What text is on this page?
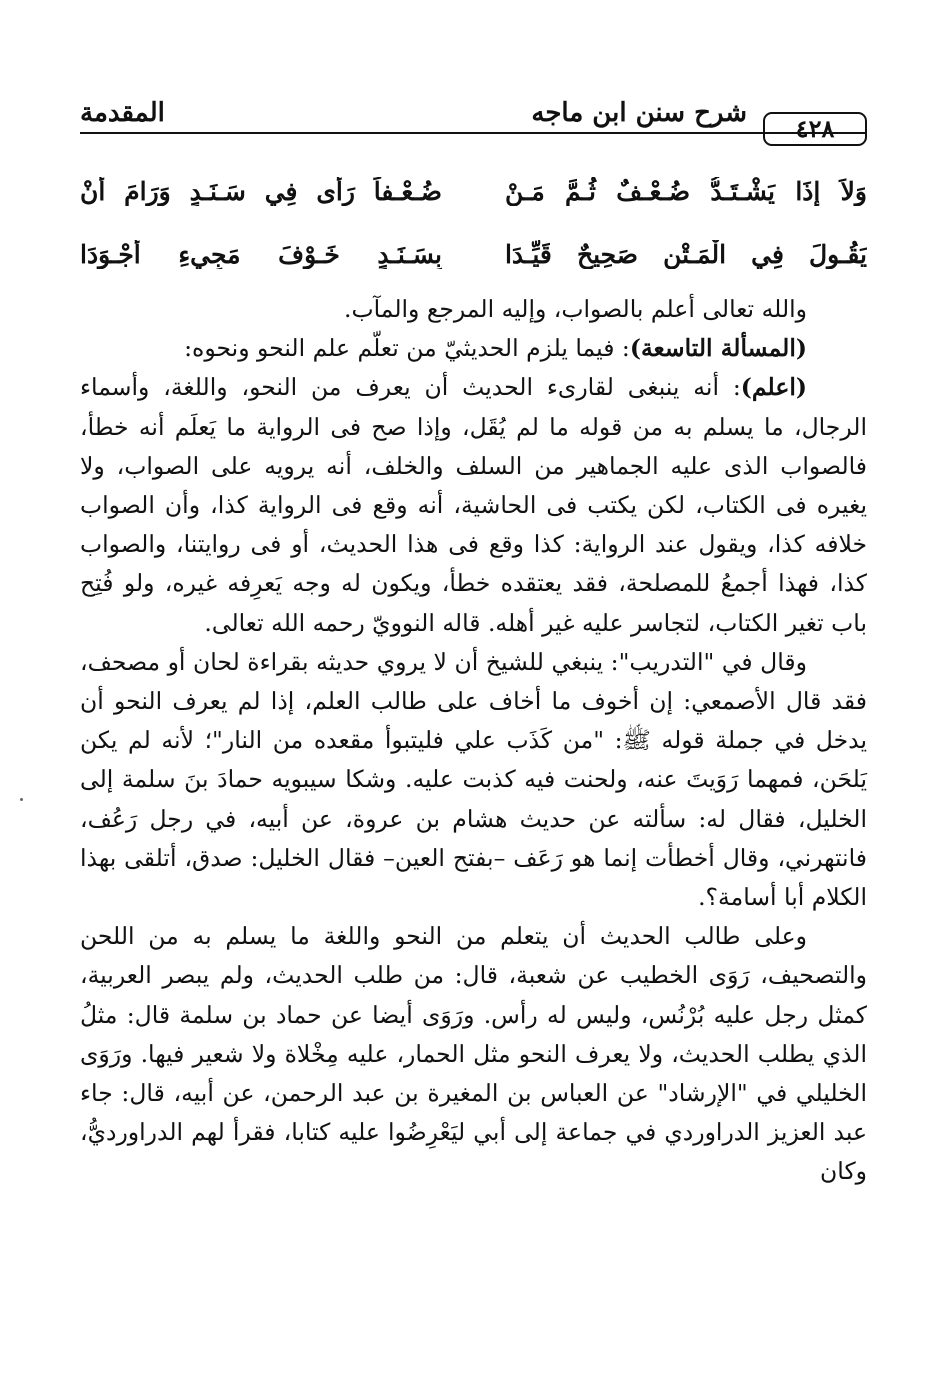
٤٢٨
شرح سنن ابن ماجه
المقدمة
وَلاَ إِذَا يَشْـتَـدُّ ضُـعْـفٌ ثُـمَّ مَـنْ
ضُـعْـفاً رَأَى فِي سَـنَـدٍ وَرَامَ أَنْ
يَقُـولَ فِي الْمَـتْنِ صَحِيحٌ قَيِّـدَا
بِسَـنَـدٍ خَـوْفَ مَجِيءِ أَجْـوَدَا

والله تعالى أعلم بالصواب، وإليه المرجع والمآب.

(المسألة التاسعة): فيما يلزم الحديثيّ من تعلّم علم النحو ونحوه:

(اعلم): أنه ينبغى لقارىء الحديث أن يعرف من النحو، واللغة، وأسماء الرجال، ما يسلم به من قوله ما لم يُقَل، وإذا صح فى الرواية ما يَعلَم أنه خطأ، فالصواب الذى عليه الجماهير من السلف والخلف، أنه يرويه على الصواب، ولا يغيره فى الكتاب، لكن يكتب فى الحاشية، أنه وقع فى الرواية كذا، وأن الصواب خلافه كذا، ويقول عند الرواية: كذا وقع فى هذا الحديث، أو فى روايتنا، والصواب كذا، فهذا أجمعُ للمصلحة، فقد يعتقده خطأ، ويكون له وجه يَعرِفه غيره، ولو فُتِح باب تغير الكتاب، لتجاسر عليه غير أهله. قاله النوويّ رحمه الله تعالى.

وقال في "التدريب": ينبغي للشيخ أن لا يروي حديثه بقراءة لحان أو مصحف، فقد قال الأصمعي: إن أخوف ما أخاف على طالب العلم، إذا لم يعرف النحو أن يدخل في جملة قوله ﷺ: "من كَذَب علي فليتبوأ مقعده من النار"؛ لأنه لم يكن يَلحَن، فمهما رَوَيتَ عنه، ولحنت فيه كذبت عليه. وشكا سيبويه حمادَ بنَ سلمة إلى الخليل، فقال له: سألته عن حديث هشام بن عروة، عن أبيه، في رجل رَعُف، فانتهرني، وقال أخطأت إنما هو رَعَف –بفتح العين– فقال الخليل: صدق، أتلقى بهذا الكلام أبا أسامة؟.

وعلى طالب الحديث أن يتعلم من النحو واللغة ما يسلم به من اللحن والتصحيف، رَوَى الخطيب عن شعبة، قال: من طلب الحديث، ولم يبصر العربية، كمثل رجل عليه بُرْنُس، وليس له رأس. ورَوَى أيضا عن حماد بن سلمة قال: مثلُ الذي يطلب الحديث، ولا يعرف النحو مثل الحمار، عليه مِخْلاة ولا شعير فيها. ورَوَى الخليلي في "الإرشاد" عن العباس بن المغيرة بن عبد الرحمن، عن أبيه، قال: جاء عبد العزيز الدراوردي في جماعة إلى أبي ليَعْرِضُوا عليه كتابا، فقرأ لهم الدراورديُّ، وكان
